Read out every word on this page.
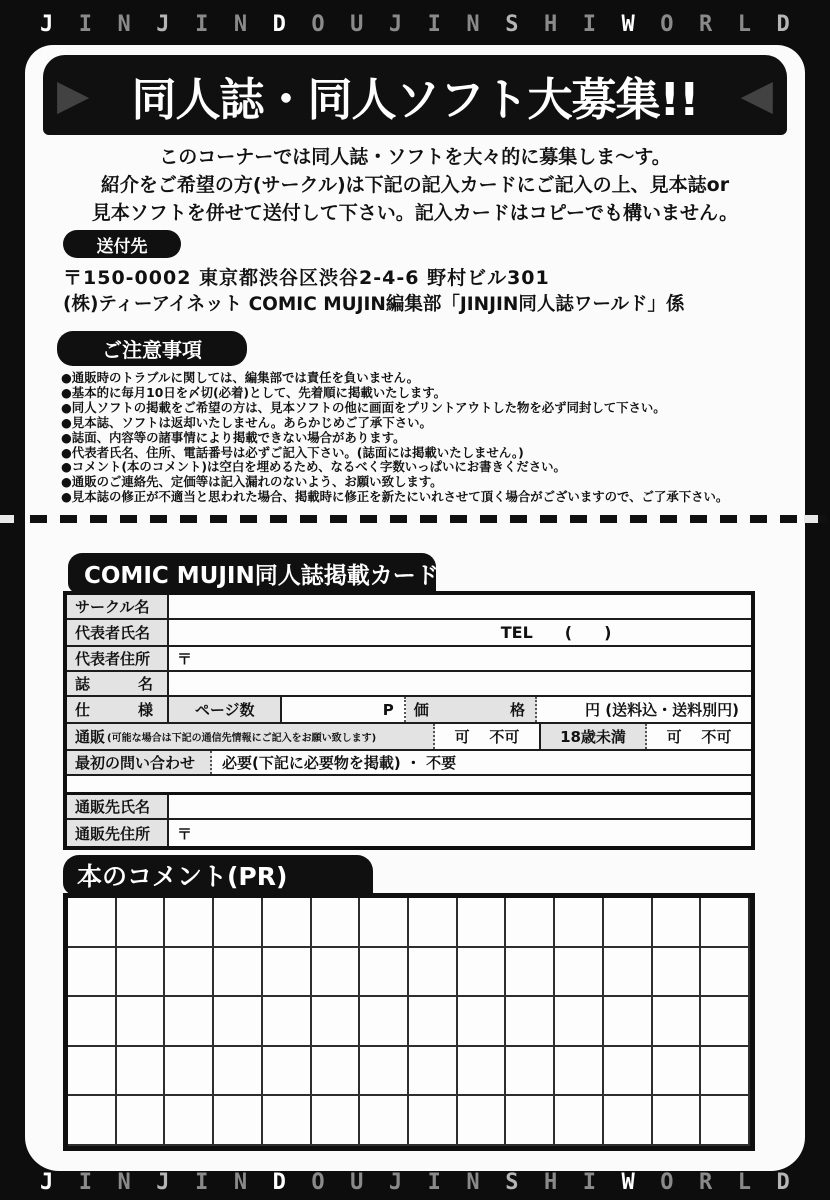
J I N J I N D O U J I N S H I W O R L D
▶ 同人誌・同人ソフト大募集!! ◀

このコーナーでは同人誌・ソフトを大々的に募集しま〜す。

紹介をご希望の方(サークル)は下記の記入カードにご記入の上、見本誌or

見本ソフトを併せて送付して下さい。記入カードはコピーでも構いません。

送付先

〒150-0002 東京都渋谷区渋谷2-4-6 野村ビル301

(株)ティーアイネット COMIC MUJIN編集部「JINJIN同人誌ワールド」係

ご注意事項
●通販時のトラブルに関しては、編集部では責任を負いません。
●基本的に毎月10日を〆切(必着)として、先着順に掲載いたします。
●同人ソフトの掲載をご希望の方は、見本ソフトの他に画面をプリントアウトした物を必ず同封して下さい。
●見本誌、ソフトは返却いたしません。あらかじめご了承下さい。
●誌面、内容等の諸事情により掲載できない場合があります。
●代表者氏名、住所、電話番号は必ずご記入下さい。(誌面には掲載いたしません。)
●コメント(本のコメント)は空白を埋めるため、なるべく字数いっぱいにお書きください。
●通販のご連絡先、定価等は記入漏れのないよう、お願い致します。
●見本誌の修正が不適当と思われた場合、掲載時に修正を新たにいれさせて頂く場合がございますので、ご了承下さい。
COMIC MUJIN同人誌掲載カード
サークル名
代表者氏名	TEL ( )
代表者住所	〒
誌	名
仕	様	ページ数	P	価	格	円 (送料込・送料別 円)
通販 (可能な場合は下記の通信先情報にご記入をお願い致します)	可 不可	18歳未満	可 不可
最初の問い合わせ	必要(下記に必要物を掲載) ・ 不要
通販先氏名
通販先住所	〒
本のコメント(PR)
J I N J I N D O U J I N S H I W O R L D
